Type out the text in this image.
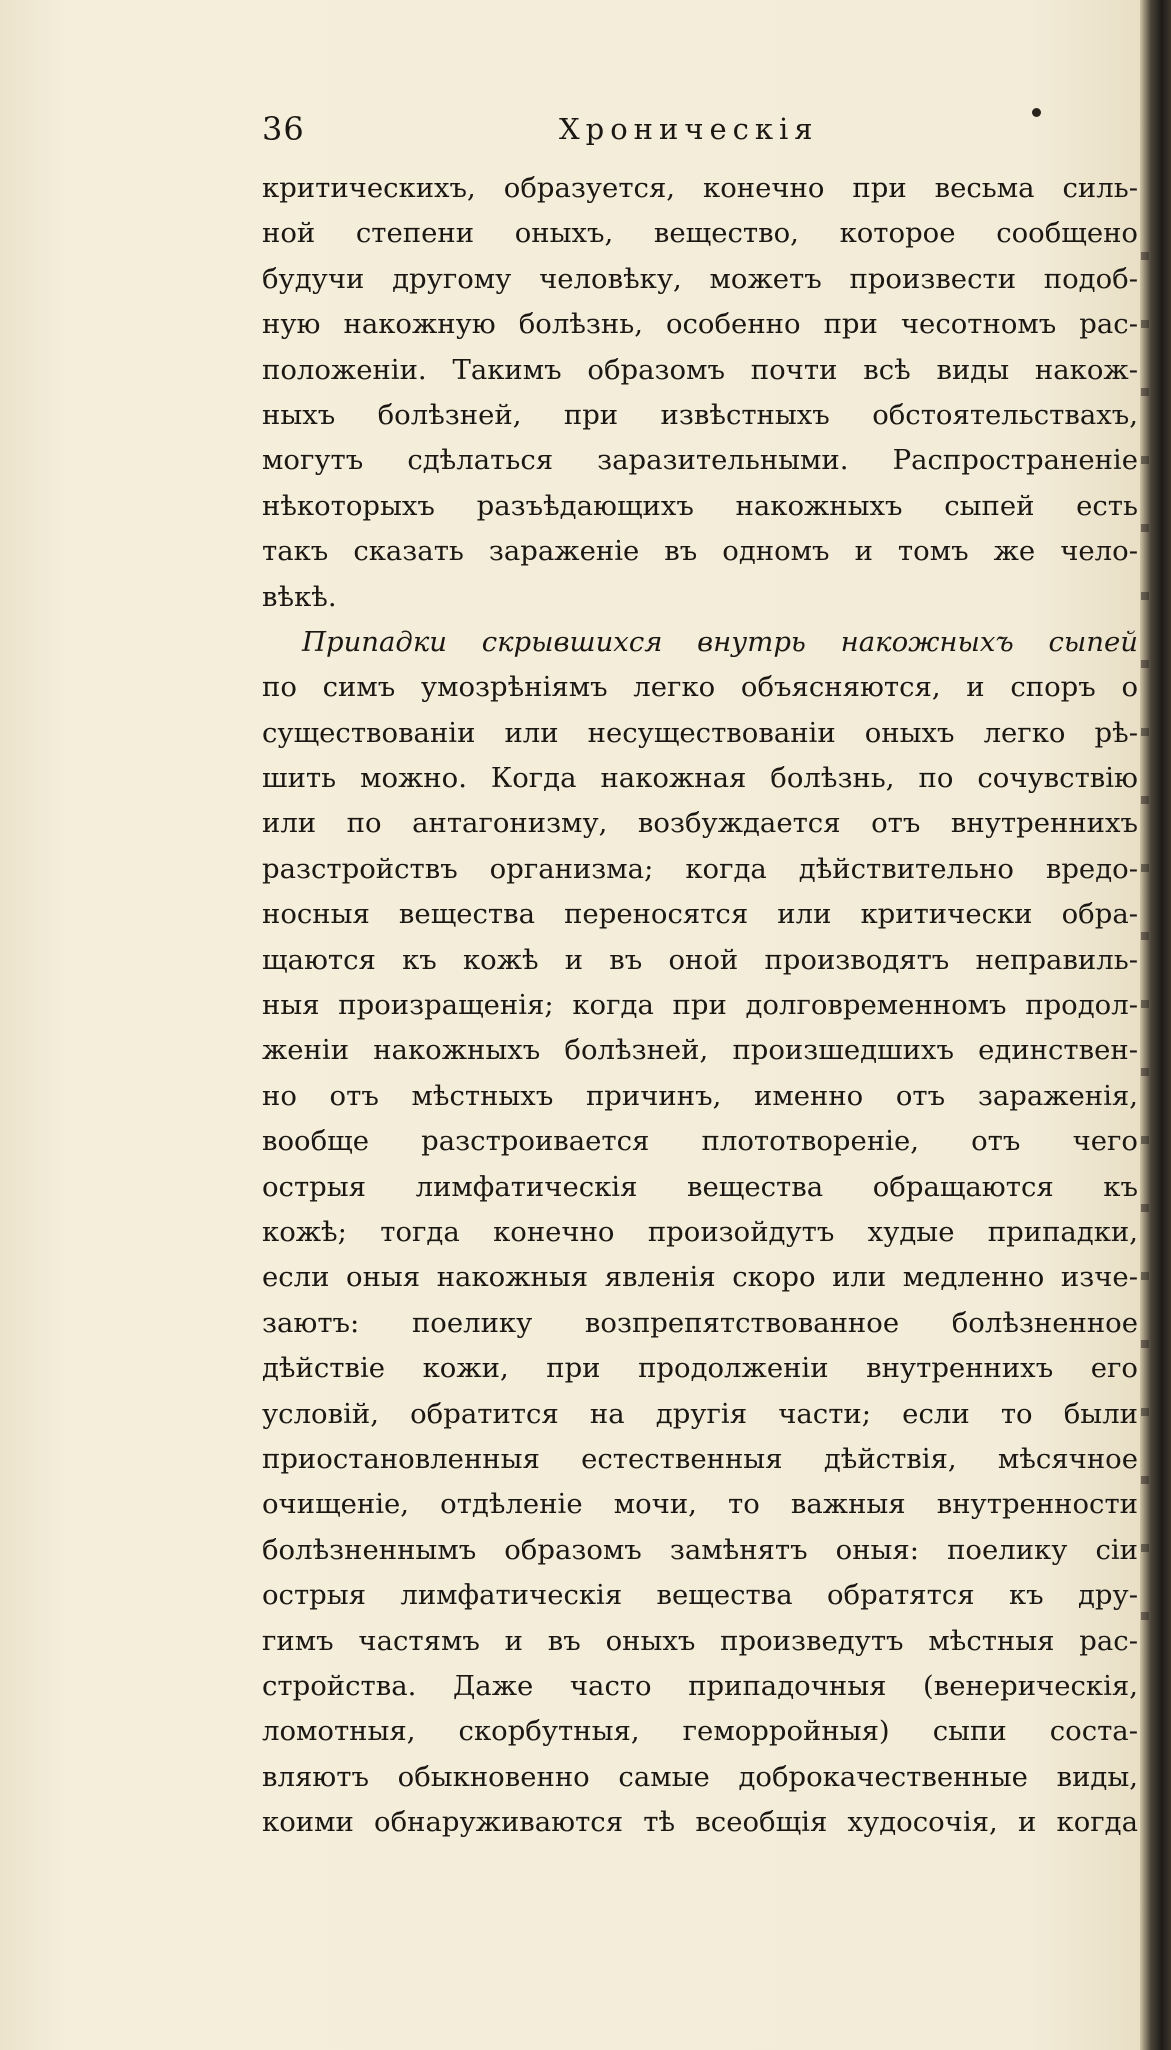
36	Хроническія
критическихъ, образуется, конечно при весьма силь-
ной степени оныхъ, вещество, которое сообщено
будучи другому человѣку, можетъ произвести подоб-
ную накожную болѣзнь, особенно при чесотномъ рас-
положеніи. Такимъ образомъ почти всѣ виды накож-
ныхъ болѣзней, при извѣстныхъ обстоятельствахъ,
могутъ сдѣлаться заразительными. Распространеніе
нѣкоторыхъ разъѣдающихъ накожныхъ сыпей есть
такъ сказать зараженіе въ одномъ и томъ же чело-
вѣкѣ.
Припадки скрывшихся внутрь накожныхъ сыпей
по симъ умозрѣніямъ легко объясняются, и споръ о
существованіи или несуществованіи оныхъ легко рѣ-
шить можно. Когда накожная болѣзнь, по сочувствію
или по антагонизму, возбуждается отъ внутреннихъ
разстройствъ организма; когда дѣйствительно вредо-
носныя вещества переносятся или критически обра-
щаются къ кожѣ и въ оной производятъ неправиль-
ныя произращенія; когда при долговременномъ продол-
женіи накожныхъ болѣзней, произшедшихъ единствен-
но отъ мѣстныхъ причинъ, именно отъ зараженія,
вообще разстроивается плототвореніе, отъ чего
острыя лимфатическія вещества обращаются къ
кожѣ; тогда конечно произойдутъ худые припадки,
если оныя накожныя явленія скоро или медленно изче-
заютъ: поелику возпрепятствованное болѣзненное
дѣйствіе кожи, при продолженіи внутреннихъ его
условій, обратится на другія части; если то были
приостановленныя естественныя дѣйствія, мѣсячное
очищеніе, отдѣленіе мочи, то важныя внутренности
болѣзненнымъ образомъ замѣнятъ оныя: поелику сіи
острыя лимфатическія вещества обратятся къ дру-
гимъ частямъ и въ оныхъ произведутъ мѣстныя рас-
стройства. Даже часто припадочныя (венерическія,
ломотныя, скорбутныя, геморройныя) сыпи соста-
вляютъ обыкновенно самые доброкачественные виды,
коими обнаруживаются тѣ всеобщія худосочія, и когда
